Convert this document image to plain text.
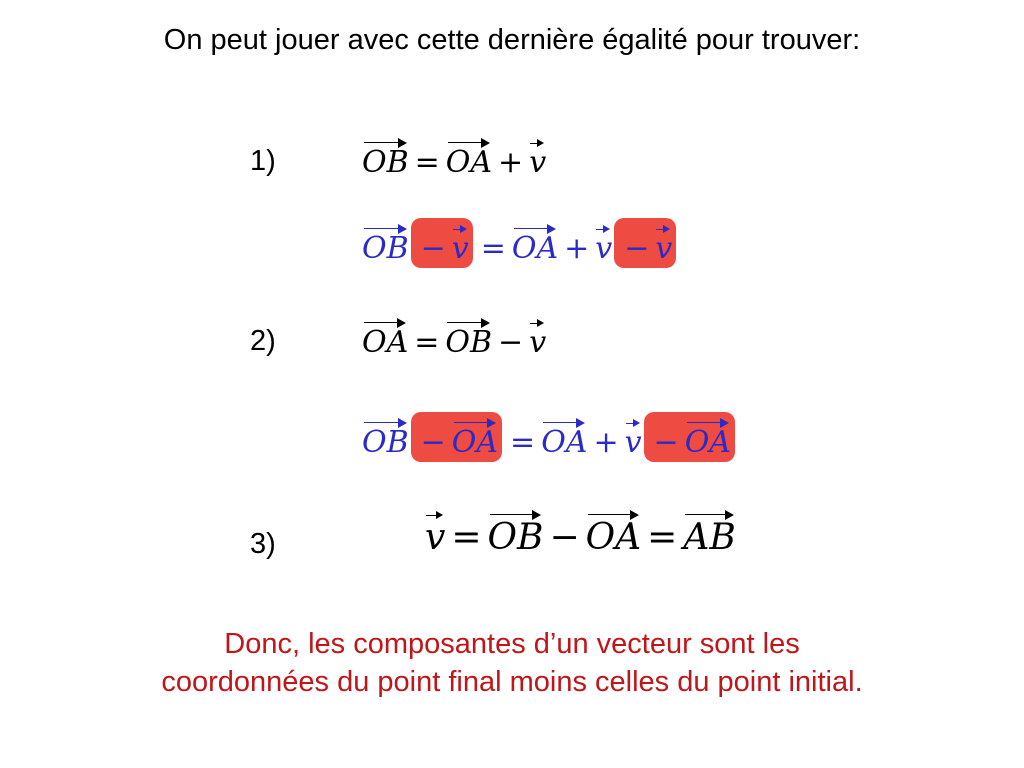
On peut jouer avec cette dernière égalité pour trouver:
1)	OB = OA + v
OB − v = OA + v − v
2)	OA = OB − v
OB − OA = OA + v − OA
3)	v = OB − OA = AB
Donc, les composantes d’un vecteur sont les
coordonnées du point final moins celles du point initial.
